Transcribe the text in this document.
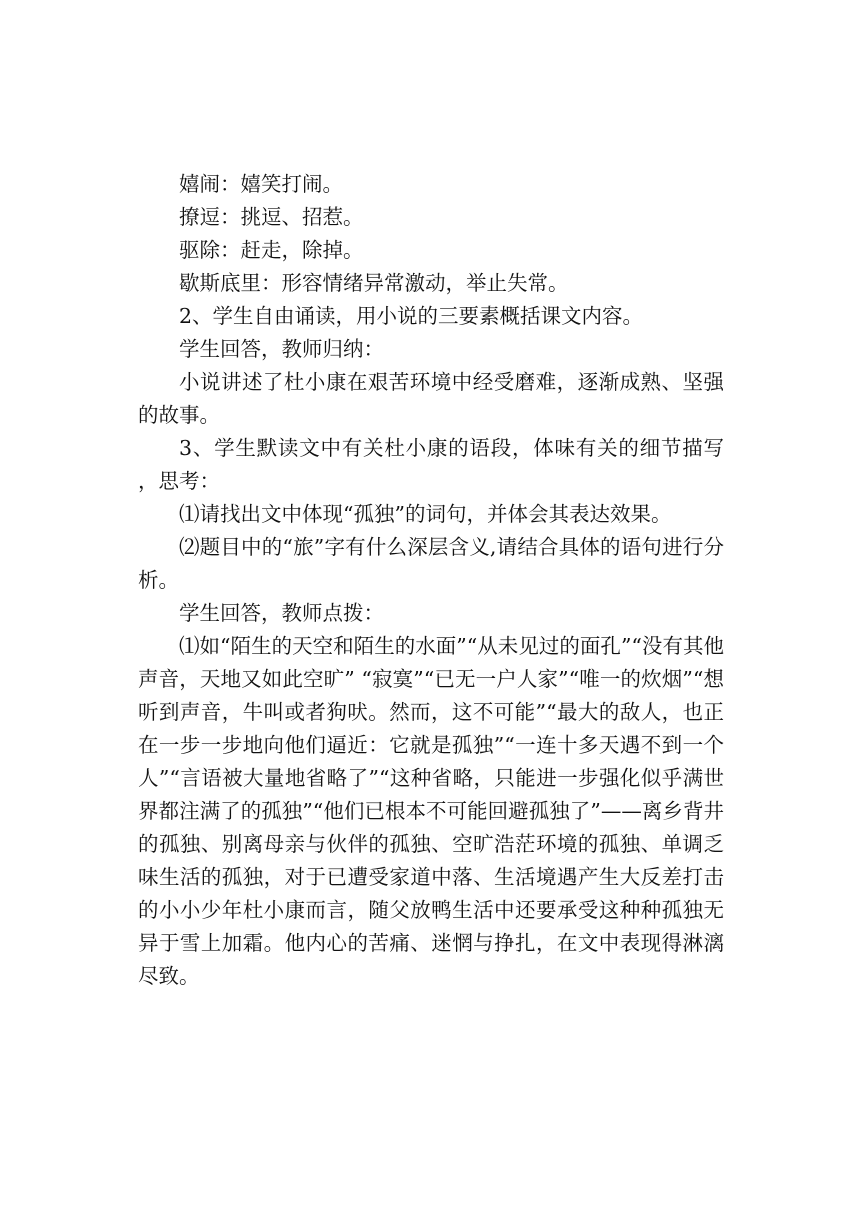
嬉闹：嬉笑打闹。

撩逗：挑逗、招惹。

驱除：赶走，除掉。

歇斯底里：形容情绪异常激动，举止失常。

2、学生自由诵读，用小说的三要素概括课文内容。

学生回答，教师归纳：

小说讲述了杜小康在艰苦环境中经受磨难，逐渐成熟、坚强的故事。

3、学生默读文中有关杜小康的语段，体味有关的细节描写，思考：

⑴请找出文中体现“孤独”的词句，并体会其表达效果。

⑵题目中的“旅”字有什么深层含义,请结合具体的语句进行分析。

学生回答，教师点拨：

⑴如“陌生的天空和陌生的水面”“从未见过的面孔”“没有其他声音，天地又如此空旷” “寂寞”“已无一户人家”“唯一的炊烟”“想听到声音，牛叫或者狗吠。然而，这不可能”“最大的敌人，也正在一步一步地向他们逼近：它就是孤独”“一连十多天遇不到一个人”“言语被大量地省略了”“这种省略，只能进一步强化似乎满世界都注满了的孤独”“他们已根本不可能回避孤独了”——离乡背井的孤独、别离母亲与伙伴的孤独、空旷浩茫环境的孤独、单调乏味生活的孤独，对于已遭受家道中落、生活境遇产生大反差打击的小小少年杜小康而言，随父放鸭生活中还要承受这种种孤独无异于雪上加霜。他内心的苦痛、迷惘与挣扎，在文中表现得淋漓尽致。
